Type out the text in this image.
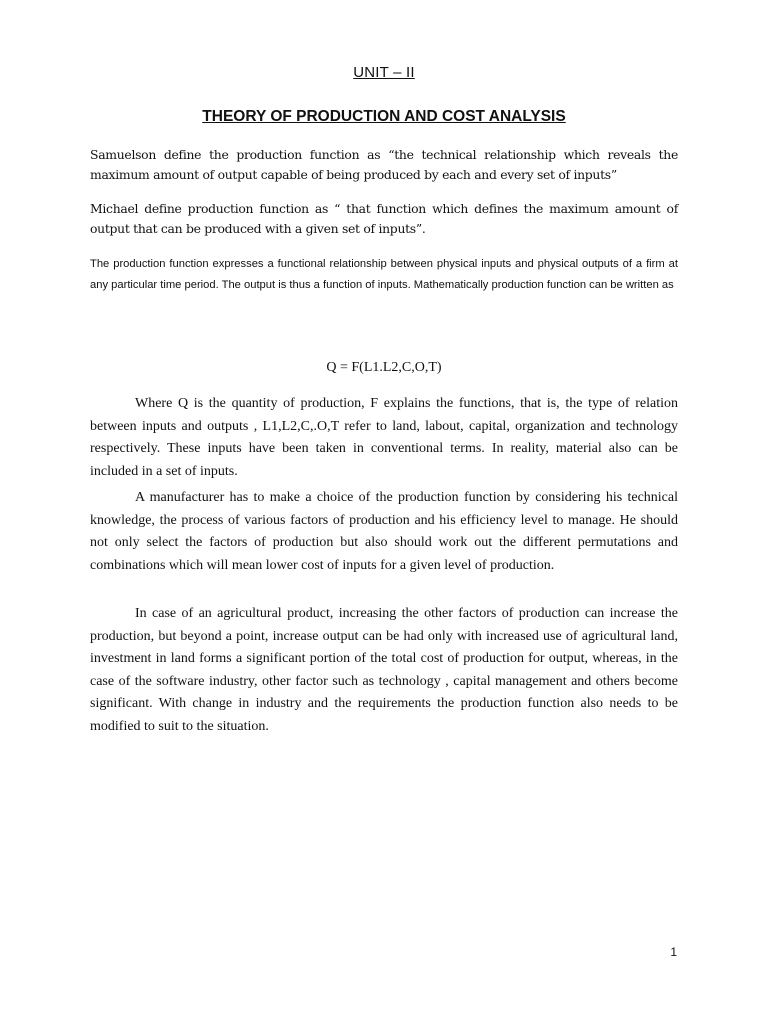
UNIT – II
THEORY OF PRODUCTION AND COST ANALYSIS

Samuelson define the production function as “the technical relationship which reveals the maximum amount of output capable of being produced by each and every set of inputs”

Michael define production function as “ that function which defines the maximum amount of output that can be produced with a given set of inputs”.

The production function expresses a functional relationship between physical inputs and physical outputs of a firm at any particular time period. The output is thus a function of inputs. Mathematically production function can be written as

Q = F(L1.L2,C,O,T)

Where Q is the quantity of production, F explains the functions, that is, the type of relation between inputs and outputs , L1,L2,C,.O,T refer to land, labout, capital, organization and technology respectively. These inputs have been taken in conventional terms. In reality, material also can be included in a set of inputs.

A manufacturer has to make a choice of the production function by considering his technical knowledge, the process of various factors of production and his efficiency level to manage. He should not only select the factors of production but also should work out the different permutations and combinations which will mean lower cost of inputs for a given level of production.

In case of an agricultural product, increasing the other factors of production can increase the production, but beyond a point, increase output can be had only with increased use of agricultural land, investment in land forms a significant portion of the total cost of production for output, whereas, in the case of the software industry, other factor such as technology , capital management and others become significant. With change in industry and the requirements the production function also needs to be modified to suit to the situation.

1
